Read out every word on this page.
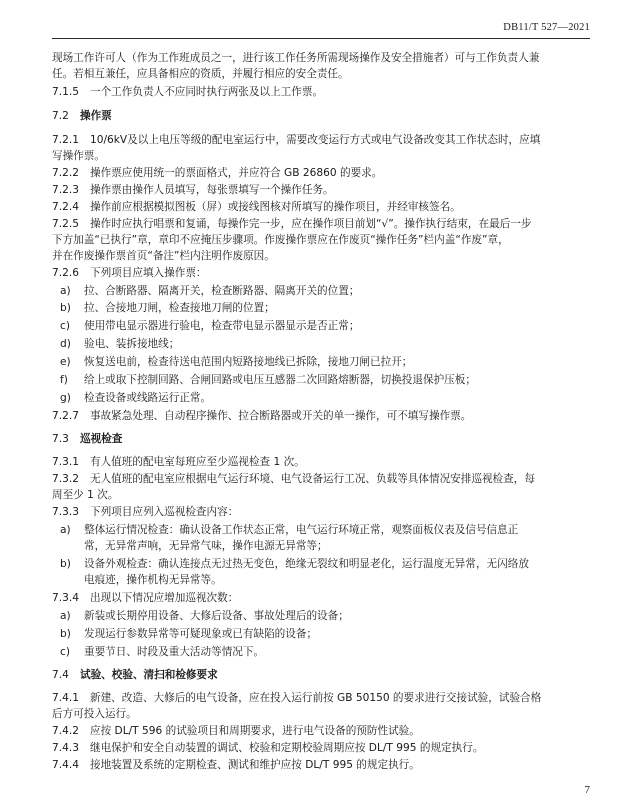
DB11/T 527—2021
现场工作许可人（作为工作班成员之一，进行该工作任务所需现场操作及安全措施者）可与工作负责人兼
任。若相互兼任，应具备相应的资质，并履行相应的安全责任。
7.1.5 一个工作负责人不应同时执行两张及以上工作票。
7.2 操作票
7.2.1 10/6kV及以上电压等级的配电室运行中，需要改变运行方式或电气设备改变其工作状态时，应填
写操作票。
7.2.2 操作票应使用统一的票面格式，并应符合 GB 26860 的要求。
7.2.3 操作票由操作人员填写，每张票填写一个操作任务。
7.2.4 操作前应根据模拟图板（屏）或接线图核对所填写的操作项目，并经审核签名。
7.2.5 操作时应执行唱票和复诵，每操作完一步，应在操作项目前划“√”。操作执行结束，在最后一步
下方加盖“已执行”章，章印不应掩压步骤项。作废操作票应在作废页“操作任务”栏内盖“作废”章，
并在作废操作票首页“备注”栏内注明作废原因。
7.2.6 下列项目应填入操作票：
a) 拉、合断路器、隔离开关，检查断路器、隔离开关的位置；
b) 拉、合接地刀闸，检查接地刀闸的位置；
c) 使用带电显示器进行验电，检查带电显示器显示是否正常；
d) 验电、装拆接地线；
e) 恢复送电前，检查待送电范围内短路接地线已拆除，接地刀闸已拉开；
f) 给上或取下控制回路、合闸回路或电压互感器二次回路熔断器，切换投退保护压板；
g) 检查设备或线路运行正常。
7.2.7 事故紧急处理、自动程序操作、拉合断路器或开关的单一操作，可不填写操作票。
7.3 巡视检查
7.3.1 有人值班的配电室每班应至少巡视检查 1 次。
7.3.2 无人值班的配电室应根据电气运行环境、电气设备运行工况、负载等具体情况安排巡视检查，每
周至少 1 次。
7.3.3 下列项目应列入巡视检查内容：
a) 整体运行情况检查：确认设备工作状态正常，电气运行环境正常，观察面板仪表及信号信息正
常，无异常声响，无异常气味，操作电源无异常等；
b) 设备外观检查：确认连接点无过热无变色，绝缘无裂纹和明显老化，运行温度无异常，无闪络放
电痕迹，操作机构无异常等。
7.3.4 出现以下情况应增加巡视次数：
a) 新装或长期停用设备、大修后设备、事故处理后的设备；
b) 发现运行参数异常等可疑现象或已有缺陷的设备；
c) 重要节日、时段及重大活动等情况下。
7.4 试验、校验、清扫和检修要求
7.4.1 新建、改造、大修后的电气设备，应在投入运行前按 GB 50150 的要求进行交接试验，试验合格
后方可投入运行。
7.4.2 应按 DL/T 596 的试验项目和周期要求，进行电气设备的预防性试验。
7.4.3 继电保护和安全自动装置的调试、校验和定期校验周期应按 DL/T 995 的规定执行。
7.4.4 接地装置及系统的定期检查、测试和维护应按 DL/T 995 的规定执行。
7
